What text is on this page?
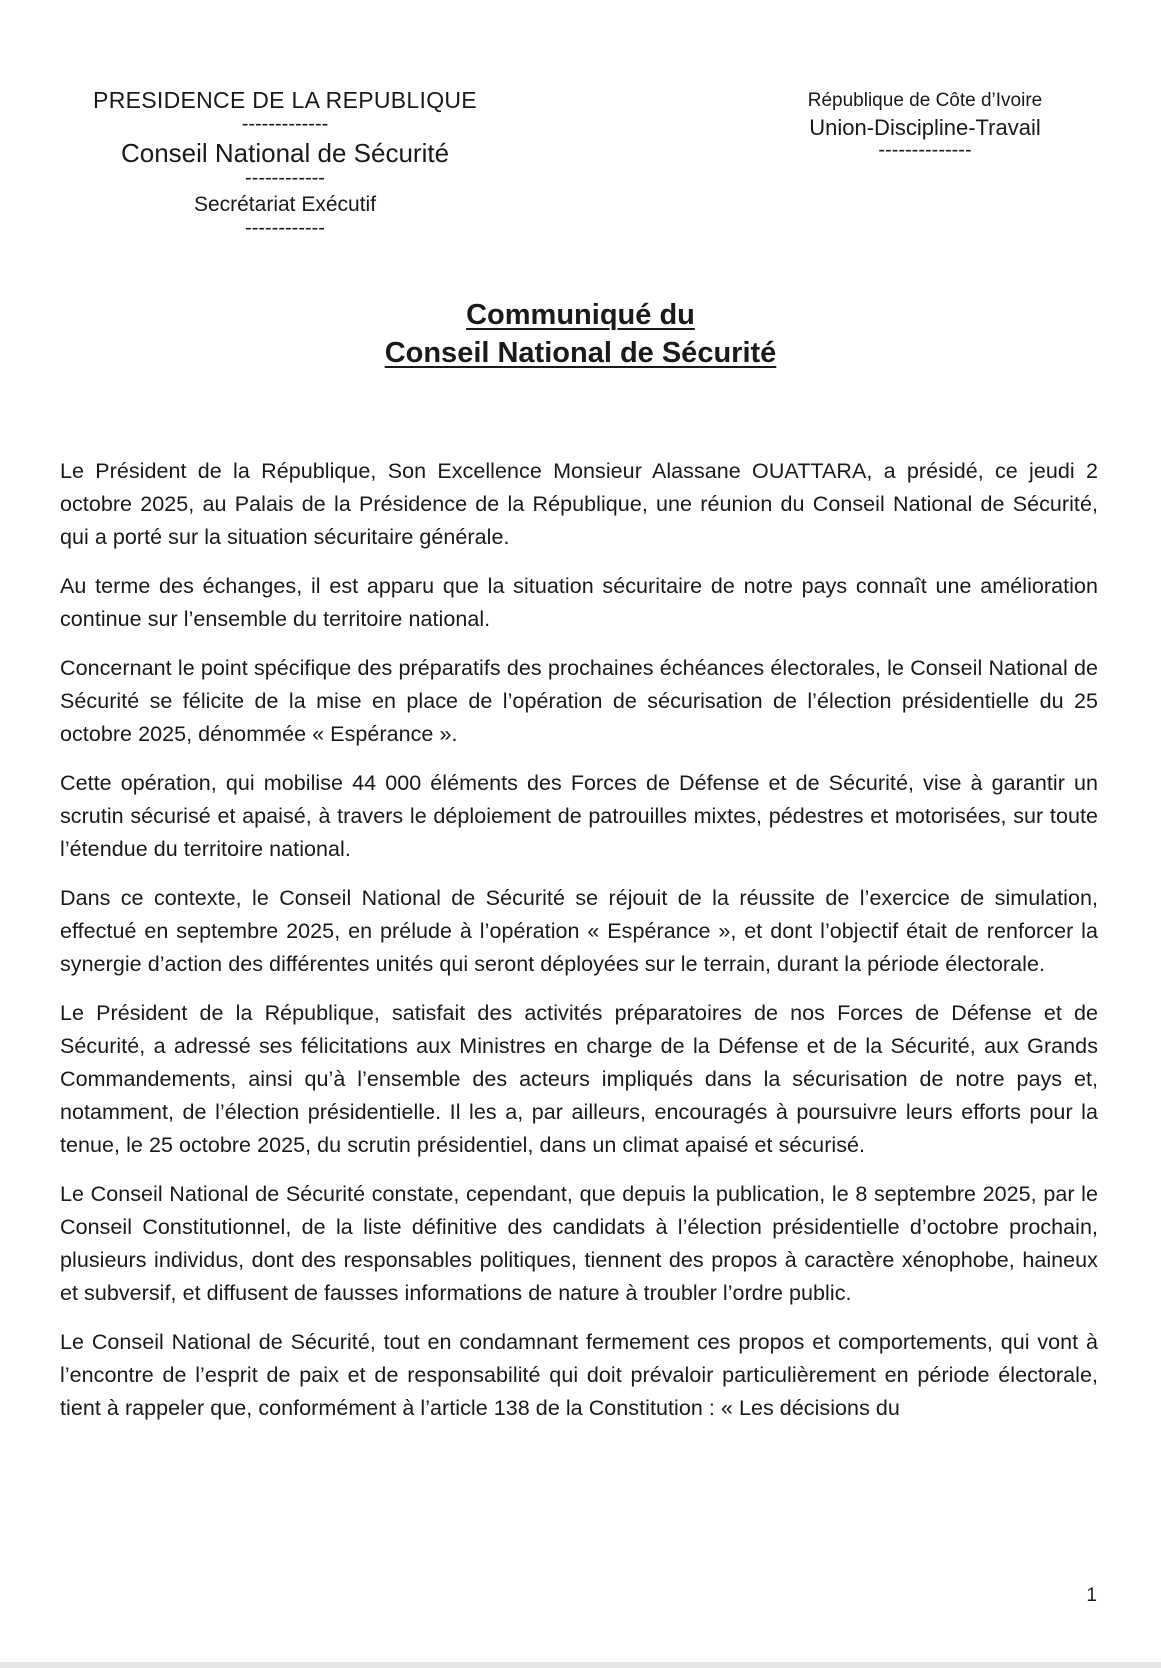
PRESIDENCE DE LA REPUBLIQUE
-------------
Conseil National de Sécurité
------------
Secrétariat Exécutif
------------
République de Côte d’Ivoire
Union-Discipline-Travail
--------------
Communiqué du
Conseil National de Sécurité

Le Président de la République, Son Excellence Monsieur Alassane OUATTARA, a présidé, ce jeudi 2 octobre 2025, au Palais de la Présidence de la République, une réunion du Conseil National de Sécurité, qui a porté sur la situation sécuritaire générale.

Au terme des échanges, il est apparu que la situation sécuritaire de notre pays connaît une amélioration continue sur l’ensemble du territoire national.

Concernant le point spécifique des préparatifs des prochaines échéances électorales, le Conseil National de Sécurité se félicite de la mise en place de l’opération de sécurisation de l’élection présidentielle du 25 octobre 2025, dénommée « Espérance ».

Cette opération, qui mobilise 44 000 éléments des Forces de Défense et de Sécurité, vise à garantir un scrutin sécurisé et apaisé, à travers le déploiement de patrouilles mixtes, pédestres et motorisées, sur toute l’étendue du territoire national.

Dans ce contexte, le Conseil National de Sécurité se réjouit de la réussite de l’exercice de simulation, effectué en septembre 2025, en prélude à l’opération « Espérance », et dont l’objectif était de renforcer la synergie d’action des différentes unités qui seront déployées sur le terrain, durant la période électorale.

Le Président de la République, satisfait des activités préparatoires de nos Forces de Défense et de Sécurité, a adressé ses félicitations aux Ministres en charge de la Défense et de la Sécurité, aux Grands Commandements, ainsi qu’à l’ensemble des acteurs impliqués dans la sécurisation de notre pays et, notamment, de l’élection présidentielle. Il les a, par ailleurs, encouragés à poursuivre leurs efforts pour la tenue, le 25 octobre 2025, du scrutin présidentiel, dans un climat apaisé et sécurisé.

Le Conseil National de Sécurité constate, cependant, que depuis la publication, le 8 septembre 2025, par le Conseil Constitutionnel, de la liste définitive des candidats à l’élection présidentielle d’octobre prochain, plusieurs individus, dont des responsables politiques, tiennent des propos à caractère xénophobe, haineux et subversif, et diffusent de fausses informations de nature à troubler l’ordre public.

Le Conseil National de Sécurité, tout en condamnant fermement ces propos et comportements, qui vont à l’encontre de l’esprit de paix et de responsabilité qui doit prévaloir particulièrement en période électorale, tient à rappeler que, conformément à l’article 138 de la Constitution : « Les décisions du

1
